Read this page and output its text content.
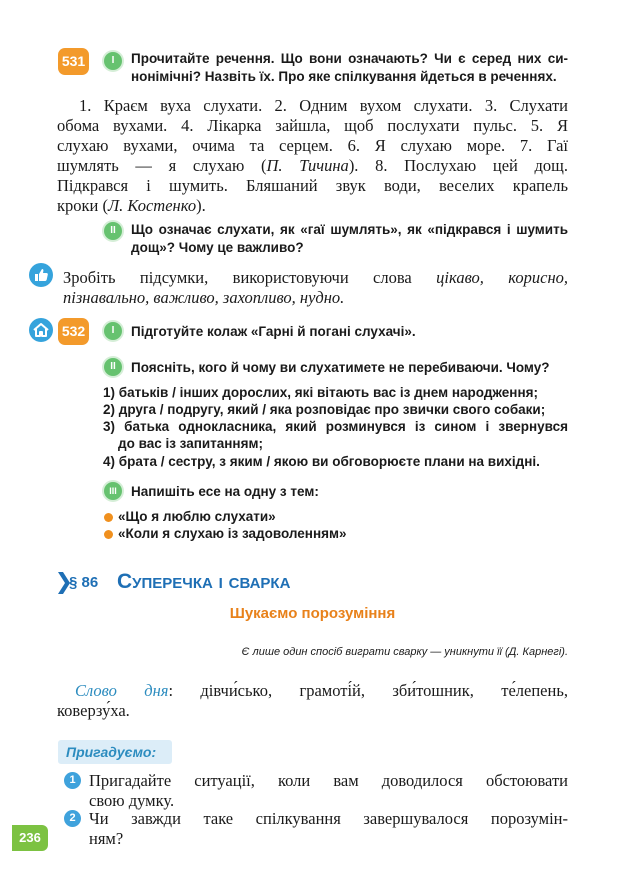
531	I	Прочитайте речення. Що вони означають? Чи є серед них си-
нонімічні? Назвіть їх. Про яке спілкування йдеться в реченнях.
1. Краєм вуха слухати. 2. Одним вухом слухати. 3. Слухати
обома вухами. 4. Лікарка зайшла, щоб послухати пульс. 5. Я
слухаю вухами, очима та серцем. 6. Я слухаю море. 7. Гаї
шумлять — я слухаю (П. Тичина). 8. Послухаю цей дощ.
Підкрався і шумить. Бляшаний звук води, веселих крапель
кроки (Л. Костенко).
II	Що означає слухати, як «гаї шумлять», як «підкрався і шумить
дощ»? Чому це важливо?
Зробіть підсумки, використовуючи слова цікаво, корисно,
пізнавально, важливо, захопливо, нудно.
532	I	Підготуйте колаж «Гарні й погані слухачі».
II	Поясніть, кого й чому ви слухатимете не перебиваючи. Чому?
1) батьків / інших дорослих, які вітають вас із днем народження;
2) друга / подругу, який / яка розповідає про звички свого собаки;
3) батька однокласника, який розминувся із сином і звернувся
до вас із запитанням;
4) брата / сестру, з яким / якою ви обговорюєте плани на вихідні.
III	Напишіть есе на одну з тем:
«Що я люблю слухати»
«Коли я слухаю із задоволенням»
§ 86 Суперечка і сварка
Шукаємо порозуміння
Є лише один спосіб виграти сварку — уникнути її (Д. Карнегі).
Слово дня: дівчи́сько, грамоті́й, зби́тошник, те́лепень,
коверзу́ха.
Пригадуємо:
1 Пригадайте ситуації, коли вам доводилося обстоювати
свою думку.
2 Чи завжди таке спілкування завершувалося порозумін-
ням?
236
